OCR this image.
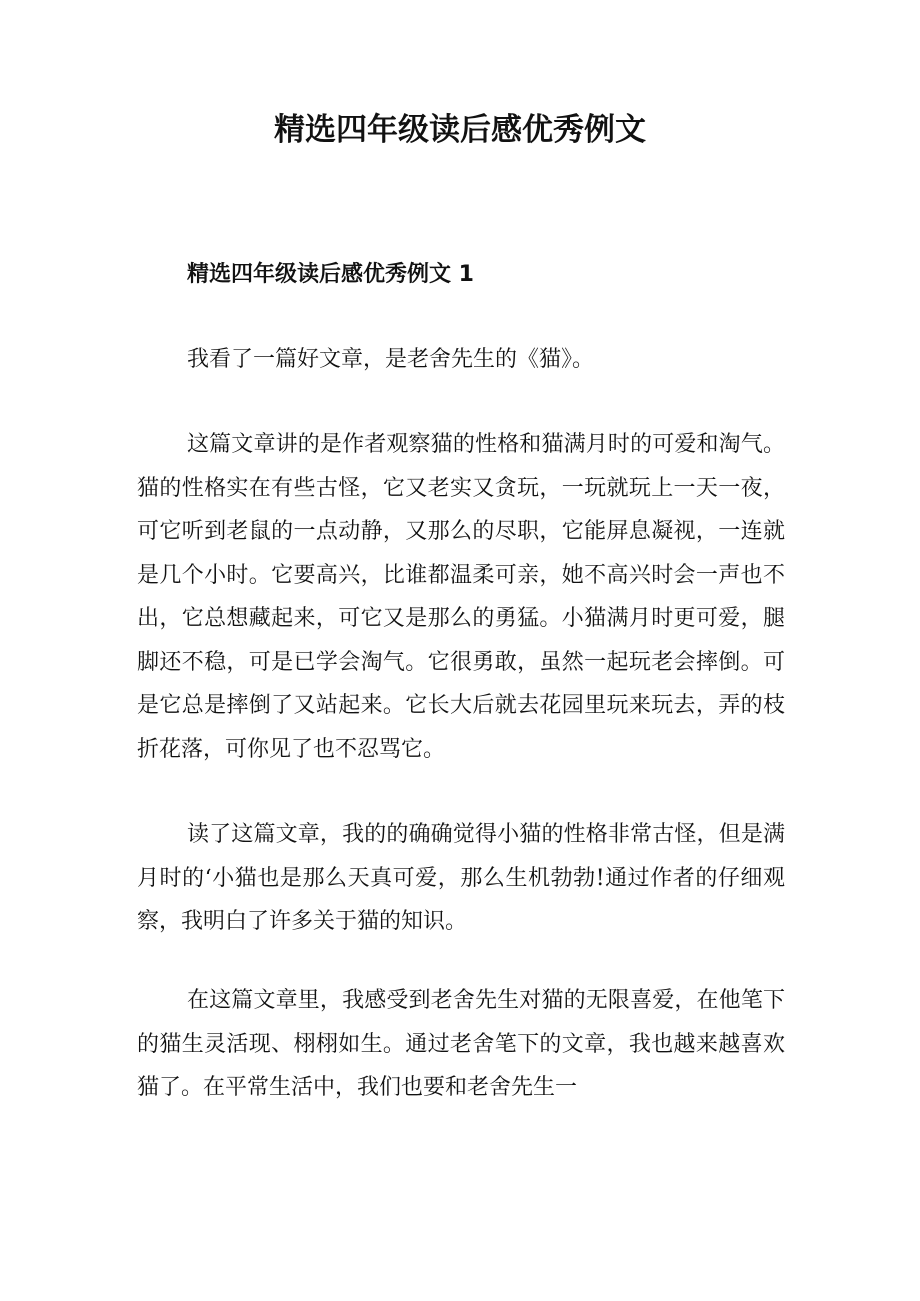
精选四年级读后感优秀例文
精选四年级读后感优秀例文 1

我看了一篇好文章，是老舍先生的《猫》。

这篇文章讲的是作者观察猫的性格和猫满月时的可爱和淘气。猫的性格实在有些古怪，它又老实又贪玩，一玩就玩上一天一夜，可它听到老鼠的一点动静，又那么的尽职，它能屏息凝视，一连就是几个小时。它要高兴，比谁都温柔可亲，她不高兴时会一声也不出，它总想藏起来，可它又是那么的勇猛。小猫满月时更可爱，腿脚还不稳，可是已学会淘气。它很勇敢，虽然一起玩老会摔倒。可是它总是摔倒了又站起来。它长大后就去花园里玩来玩去，弄的枝折花落，可你见了也不忍骂它。

读了这篇文章，我的的确确觉得小猫的性格非常古怪，但是满月时的‘小猫也是那么天真可爱，那么生机勃勃!通过作者的仔细观察，我明白了许多关于猫的知识。

在这篇文章里，我感受到老舍先生对猫的无限喜爱，在他笔下的猫生灵活现、栩栩如生。通过老舍笔下的文章，我也越来越喜欢猫了。在平常生活中，我们也要和老舍先生一
